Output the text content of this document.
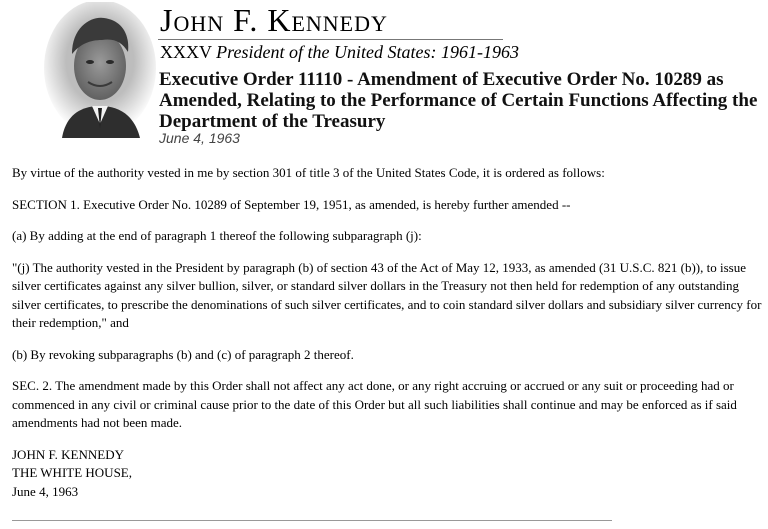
John F. Kennedy
XXXV President of the United States: 1961-1963
Executive Order 11110 - Amendment of Executive Order No. 10289 as Amended, Relating to the Performance of Certain Functions Affecting the Department of the Treasury
June 4, 1963

By virtue of the authority vested in me by section 301 of title 3 of the United States Code, it is ordered as follows:

SECTION 1. Executive Order No. 10289 of September 19, 1951, as amended, is hereby further amended --

(a) By adding at the end of paragraph 1 thereof the following subparagraph (j):

"(j) The authority vested in the President by paragraph (b) of section 43 of the Act of May 12, 1933, as amended (31 U.S.C. 821 (b)), to issue silver certificates against any silver bullion, silver, or standard silver dollars in the Treasury not then held for redemption of any outstanding silver certificates, to prescribe the denominations of such silver certificates, and to coin standard silver dollars and subsidiary silver currency for their redemption," and

(b) By revoking subparagraphs (b) and (c) of paragraph 2 thereof.

SEC. 2. The amendment made by this Order shall not affect any act done, or any right accruing or accrued or any suit or proceeding had or commenced in any civil or criminal cause prior to the date of this Order but all such liabilities shall continue and may be enforced as if said amendments had not been made.

JOHN F. KENNEDY
THE WHITE HOUSE,
June 4, 1963
